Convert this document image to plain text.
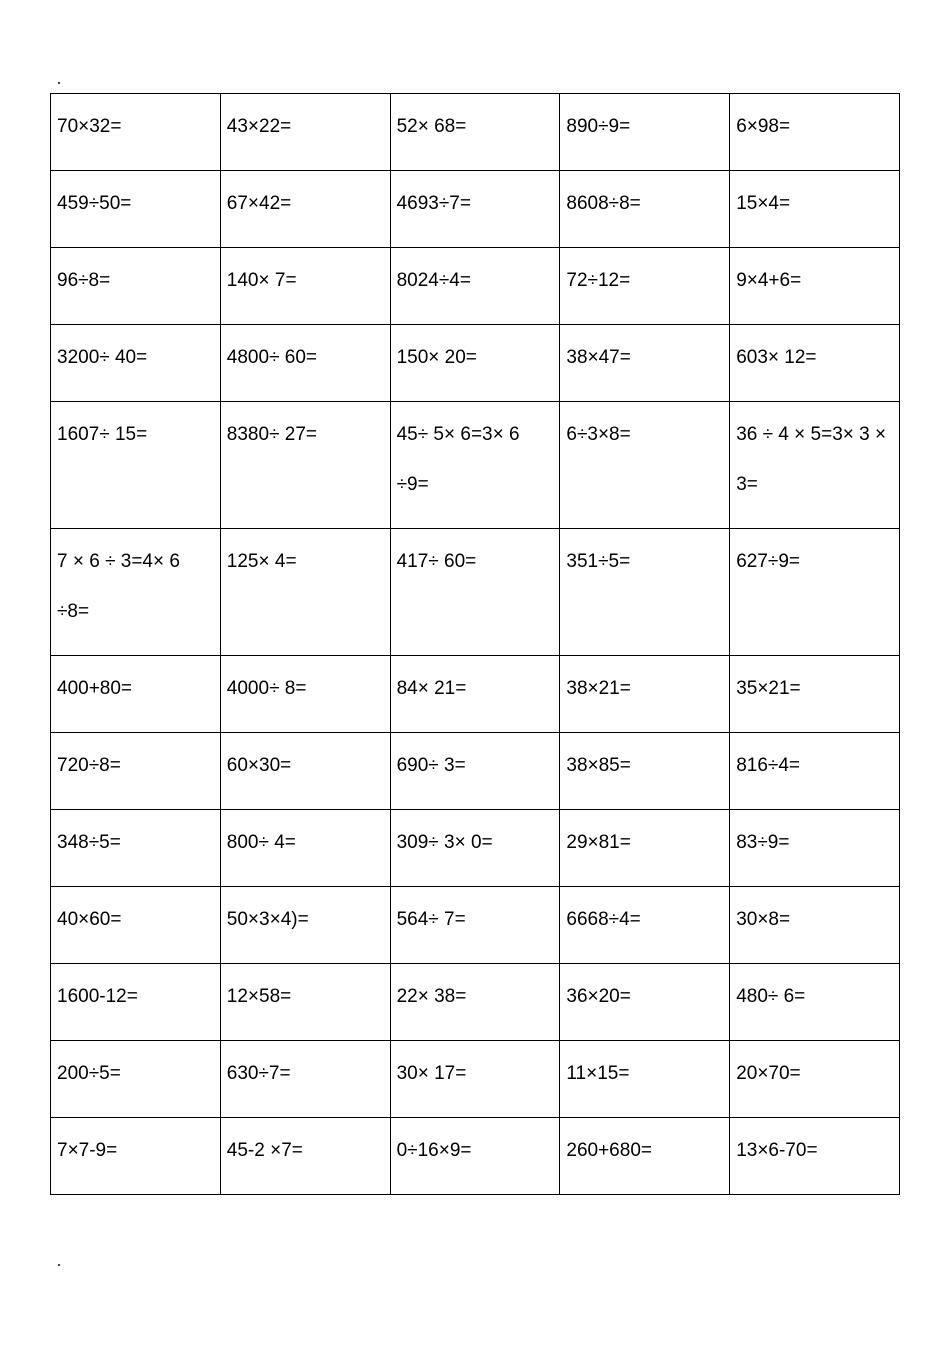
70×32=	43×22=	52× 68=	890÷9=	6×98=

459÷50=	67×42=	4693÷7=	8608÷8=	15×4=

96÷8=	140× 7=	8024÷4=	72÷12=	9×4+6=

3200÷ 40=	4800÷ 60=	150× 20=	38×47=	603× 12=

1607÷ 15=	8380÷ 27=	45÷ 5× 6=3× 6 ÷9=	6÷3×8=	36 ÷ 4 × 5=3× 3 × 3=

7 × 6 ÷ 3=4× 6 ÷8=	125× 4=	417÷ 60=	351÷5=	627÷9=

400+80=	4000÷ 8=	84× 21=	38×21=	35×21=

720÷8=	60×30=	690÷ 3=	38×85=	816÷4=

348÷5=	800÷ 4=	309÷ 3× 0=	29×81=	83÷9=

40×60=	50×3×4)=	564÷ 7=	6668÷4=	30×8=

1600-12=	12×58=	22× 38=	36×20=	480÷ 6=

200÷5=	630÷7=	30× 17=	11×15=	20×70=

7×7-9=	45-2 ×7=	0÷16×9=	260+680=	13×6-70=
